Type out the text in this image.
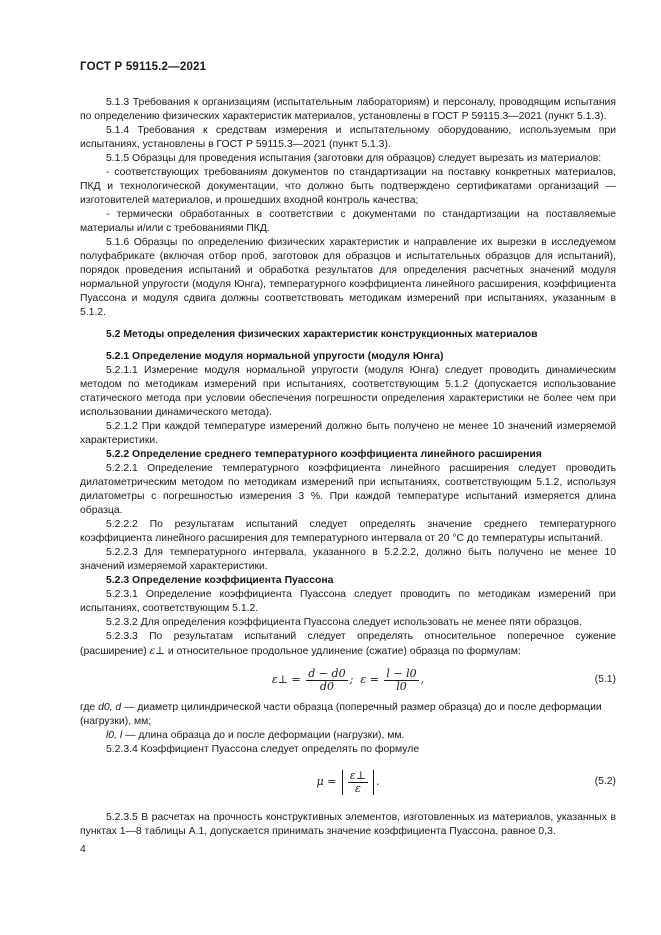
ГОСТ Р 59115.2—2021

5.1.3 Требования к организациям (испытательным лабораториям) и персоналу, проводящим испытания по определению физических характеристик материалов, установлены в ГОСТ Р 59115.3—2021 (пункт 5.1.3).

5.1.4 Требования к средствам измерения и испытательному оборудованию, используемым при испытаниях, установлены в ГОСТ Р 59115.3—2021 (пункт 5.1.3).

5.1.5 Образцы для проведения испытания (заготовки для образцов) следует вырезать из материалов:

- соответствующих требованиям документов по стандартизации на поставку конкретных материалов, ПКД и технологической документации, что должно быть подтверждено сертификатами организаций — изготовителей материалов, и прошедших входной контроль качества;

- термически обработанных в соответствии с документами по стандартизации на поставляемые материалы и/или с требованиями ПКД.

5.1.6 Образцы по определению физических характеристик и направление их вырезки в исследуемом полуфабрикате (включая отбор проб, заготовок для образцов и испытательных образцов для испытаний), порядок проведения испытаний и обработка результатов для определения расчетных значений модуля нормальной упругости (модуля Юнга), температурного коэффициента линейного расширения, коэффициента Пуассона и модуля сдвига должны соответствовать методикам измерений при испытаниях, указанным в 5.1.2.

5.2 Методы определения физических характеристик конструкционных материалов

5.2.1 Определение модуля нормальной упругости (модуля Юнга)

5.2.1.1 Измерение модуля нормальной упругости (модуля Юнга) следует проводить динамическим методом по методикам измерений при испытаниях, соответствующим 5.1.2 (допускается использование статического метода при условии обеспечения погрешности определения характеристики не более чем при использовании динамического метода).

5.2.1.2 При каждой температуре измерений должно быть получено не менее 10 значений измеряемой характеристики.

5.2.2 Определение среднего температурного коэффициента линейного расширения

5.2.2.1 Определение температурного коэффициента линейного расширения следует проводить дилатометрическим методом по методикам измерений при испытаниях, соответствующим 5.1.2, используя дилатометры с погрешностью измерения 3 %. При каждой температуре испытаний измеряется длина образца.

5.2.2.2 По результатам испытаний следует определять значение среднего температурного коэффициента линейного расширения для температурного интервала от 20 °С до температуры испытаний.

5.2.2.3 Для температурного интервала, указанного в 5.2.2.2, должно быть получено не менее 10 значений измеряемой характеристики.

5.2.3 Определение коэффициента Пуассона

5.2.3.1 Определение коэффициента Пуассона следует проводить по методикам измерений при испытаниях, соответствующим 5.1.2.

5.2.3.2 Для определения коэффициента Пуассона следует использовать не менее пяти образцов.

5.2.3.3 По результатам испытаний следует определять относительное поперечное сужение (расширение) ε⊥ и относительное продольное удлинение (сжатие) образца по формулам:

ε⊥ = $\frac{d - d0}{d0}$ ;
$\varepsilon = \frac{l - l0}{l0}$ ,	(5.1)

где d0, d — диаметр цилиндрической части образца (поперечный размер образца) до и после деформации (нагрузки), мм;

l0, l — длина образца до и после деформации (нагрузки), мм.

5.2.3.4 Коэффициент Пуассона следует определять по формуле

$\mu = \frac{\varepsilon\perp}{\varepsilon}$ .	(5.2)

5.2.3.5 В расчетах на прочность конструктивных элементов, изготовленных из материалов, указанных в пунктах 1—8 таблицы А.1, допускается принимать значение коэффициента Пуассона, равное 0,3.

4
